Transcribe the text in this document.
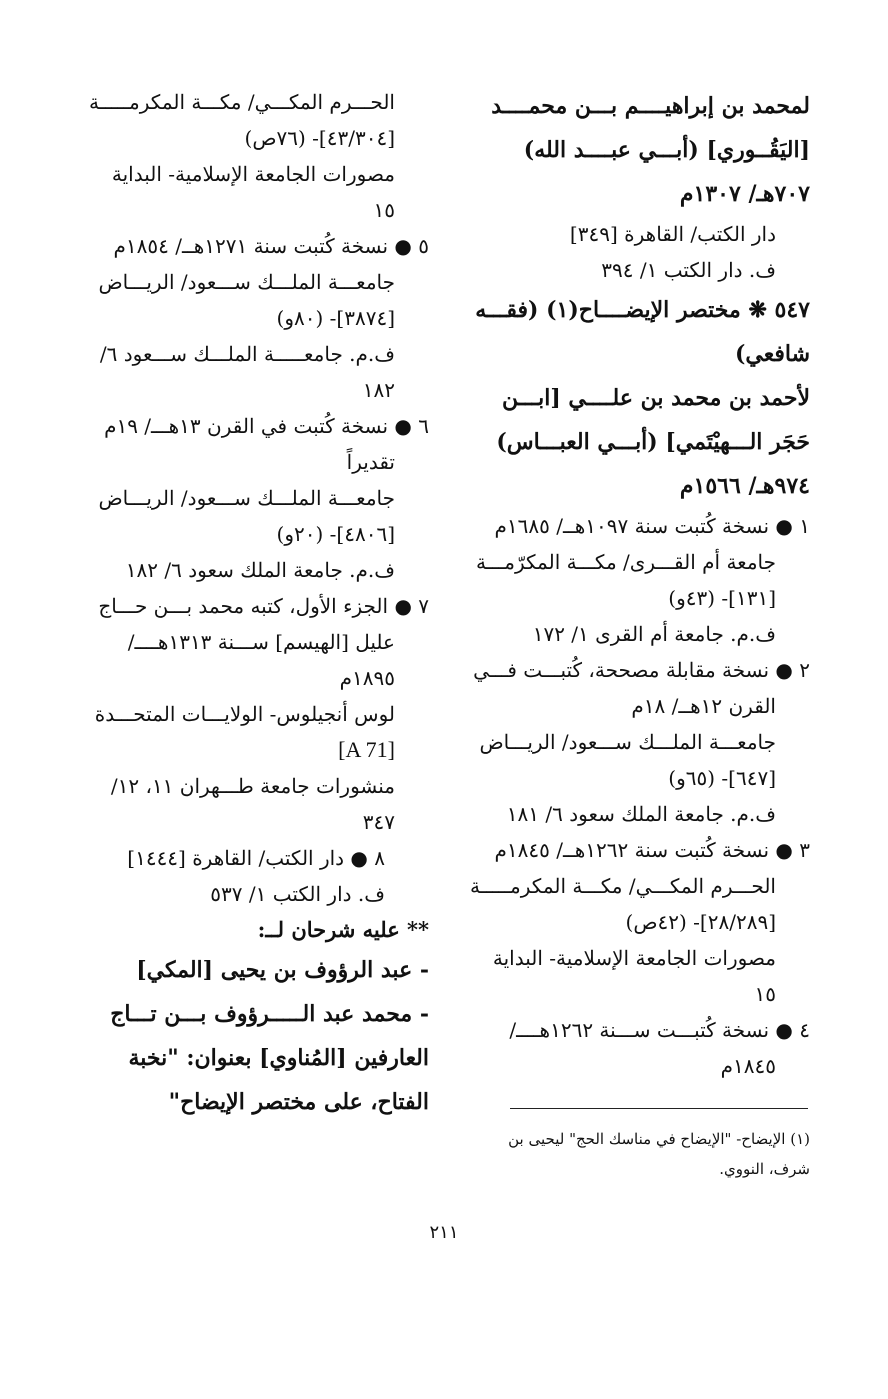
لمحمد بن إبراهيــــم بـــن محمــــد
[اليَقُــوري] (أبـــي عبــــد الله)
٧٠٧هـ/ ١٣٠٧م
دار الكتب/ القاهرة [٣٤٩]
ف. دار الكتب ١/ ٣٩٤
٥٤٧ ❋ مختصر الإيضــــاح(١) (فقـــه
شافعي)
لأحمد بن محمد بن علــــي [ابـــن
حَجَر الـــهيْتَمي] (أبـــي العبـــاس)
٩٧٤هـ/ ١٥٦٦م
١ ● نسخة كُتبت سنة ١٠٩٧هــ/ ١٦٨٥م
جامعة أم القـــرى/ مكـــة المكرّمـــة
[١٣١]- (٤٣و)
ف.م. جامعة أم القرى ١/ ١٧٢
٢ ● نسخة مقابلة مصححة، كُتبـــت فـــي
القرن ١٢هــ/ ١٨م
جامعـــة الملـــك ســـعود/ الريـــاض
[٦٤٧]- (٦٥و)
ف.م. جامعة الملك سعود ٦/ ١٨١
٣ ● نسخة كُتبت سنة ١٢٦٢هــ/ ١٨٤٥م
الحـــرم المكـــي/ مكـــة المكرمـــــة
[٢٨/٢٨٩]- (٤٢ص)
مصورات الجامعة الإسلامية- البداية
١٥
٤ ● نسخة كُتبـــت ســـنة ١٢٦٢هــــ/
١٨٤٥م
الحـــرم المكـــي/ مكـــة المكرمـــــة
[٤٣/٣٠٤]- (٧٦ص)
مصورات الجامعة الإسلامية- البداية
١٥
٥ ● نسخة كُتبت سنة ١٢٧١هــ/ ١٨٥٤م
جامعـــة الملـــك ســـعود/ الريـــاض
[٣٨٧٤]- (٨٠و)
ف.م. جامعـــــة الملـــك ســـعود ٦/
١٨٢
٦ ● نسخة كُتبت في القرن ١٣هـــ/ ١٩م
تقديراً
جامعـــة الملـــك ســـعود/ الريـــاض
[٤٨٠٦]- (٢٠و)
ف.م. جامعة الملك سعود ٦/ ١٨٢
٧ ● الجزء الأول، كتبه محمد بـــن حـــاج
عليل [الهيسم] ســـنة ١٣١٣هــــ/
١٨٩٥م
لوس أنجيلوس- الولايـــات المتحـــدة
[A 71]
منشورات جامعة طـــهران ١١، ١٢/
٣٤٧
٨ ● دار الكتب/ القاهرة [١٤٤٤]
ف. دار الكتب ١/ ٥٣٧
** عليه شرحان لــ:
- عبد الرؤوف بن يحيى [المكي]
- محمد عبد الـــــرؤوف بـــن تـــاج
العارفين [المُناوي] بعنوان: "نخبة
الفتاح، على مختصر الإيضاح"
(١) الإيضاح- "الإيضاح في مناسك الحج" ليحيى بن
شرف، النووي.
٢١١
